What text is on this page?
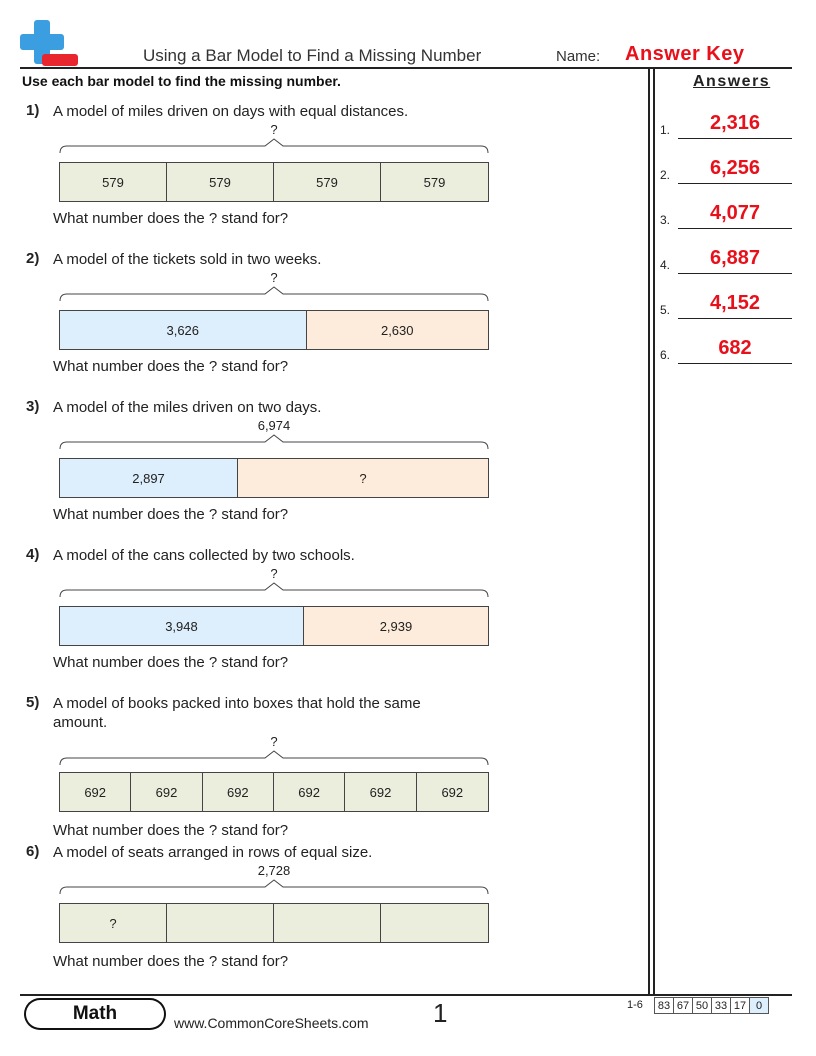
Using a Bar Model to Find a Missing Number	Name: Answer Key
Use each bar model to find the missing number.	Answers
1) A model of miles driven on days with equal distances.
?
579	579	579	579
What number does the ? stand for?
2) A model of the tickets sold in two weeks.
?
3,626	2,630
What number does the ? stand for?
3) A model of the miles driven on two days.
6,974
2,897	?
What number does the ? stand for?
4) A model of the cans collected by two schools.
?
3,948	2,939
What number does the ? stand for?
5) A model of books packed into boxes that hold the same amount.
?
692	692	692	692	692	692
What number does the ? stand for?
6) A model of seats arranged in rows of equal size.
2,728
?
What number does the ? stand for?
1.	2,316
2.	6,256
3.	4,077
4.	6,887
5.	4,152
6.	682
Math	www.CommonCoreSheets.com 1	1-6	83 67 50 33 17 0
